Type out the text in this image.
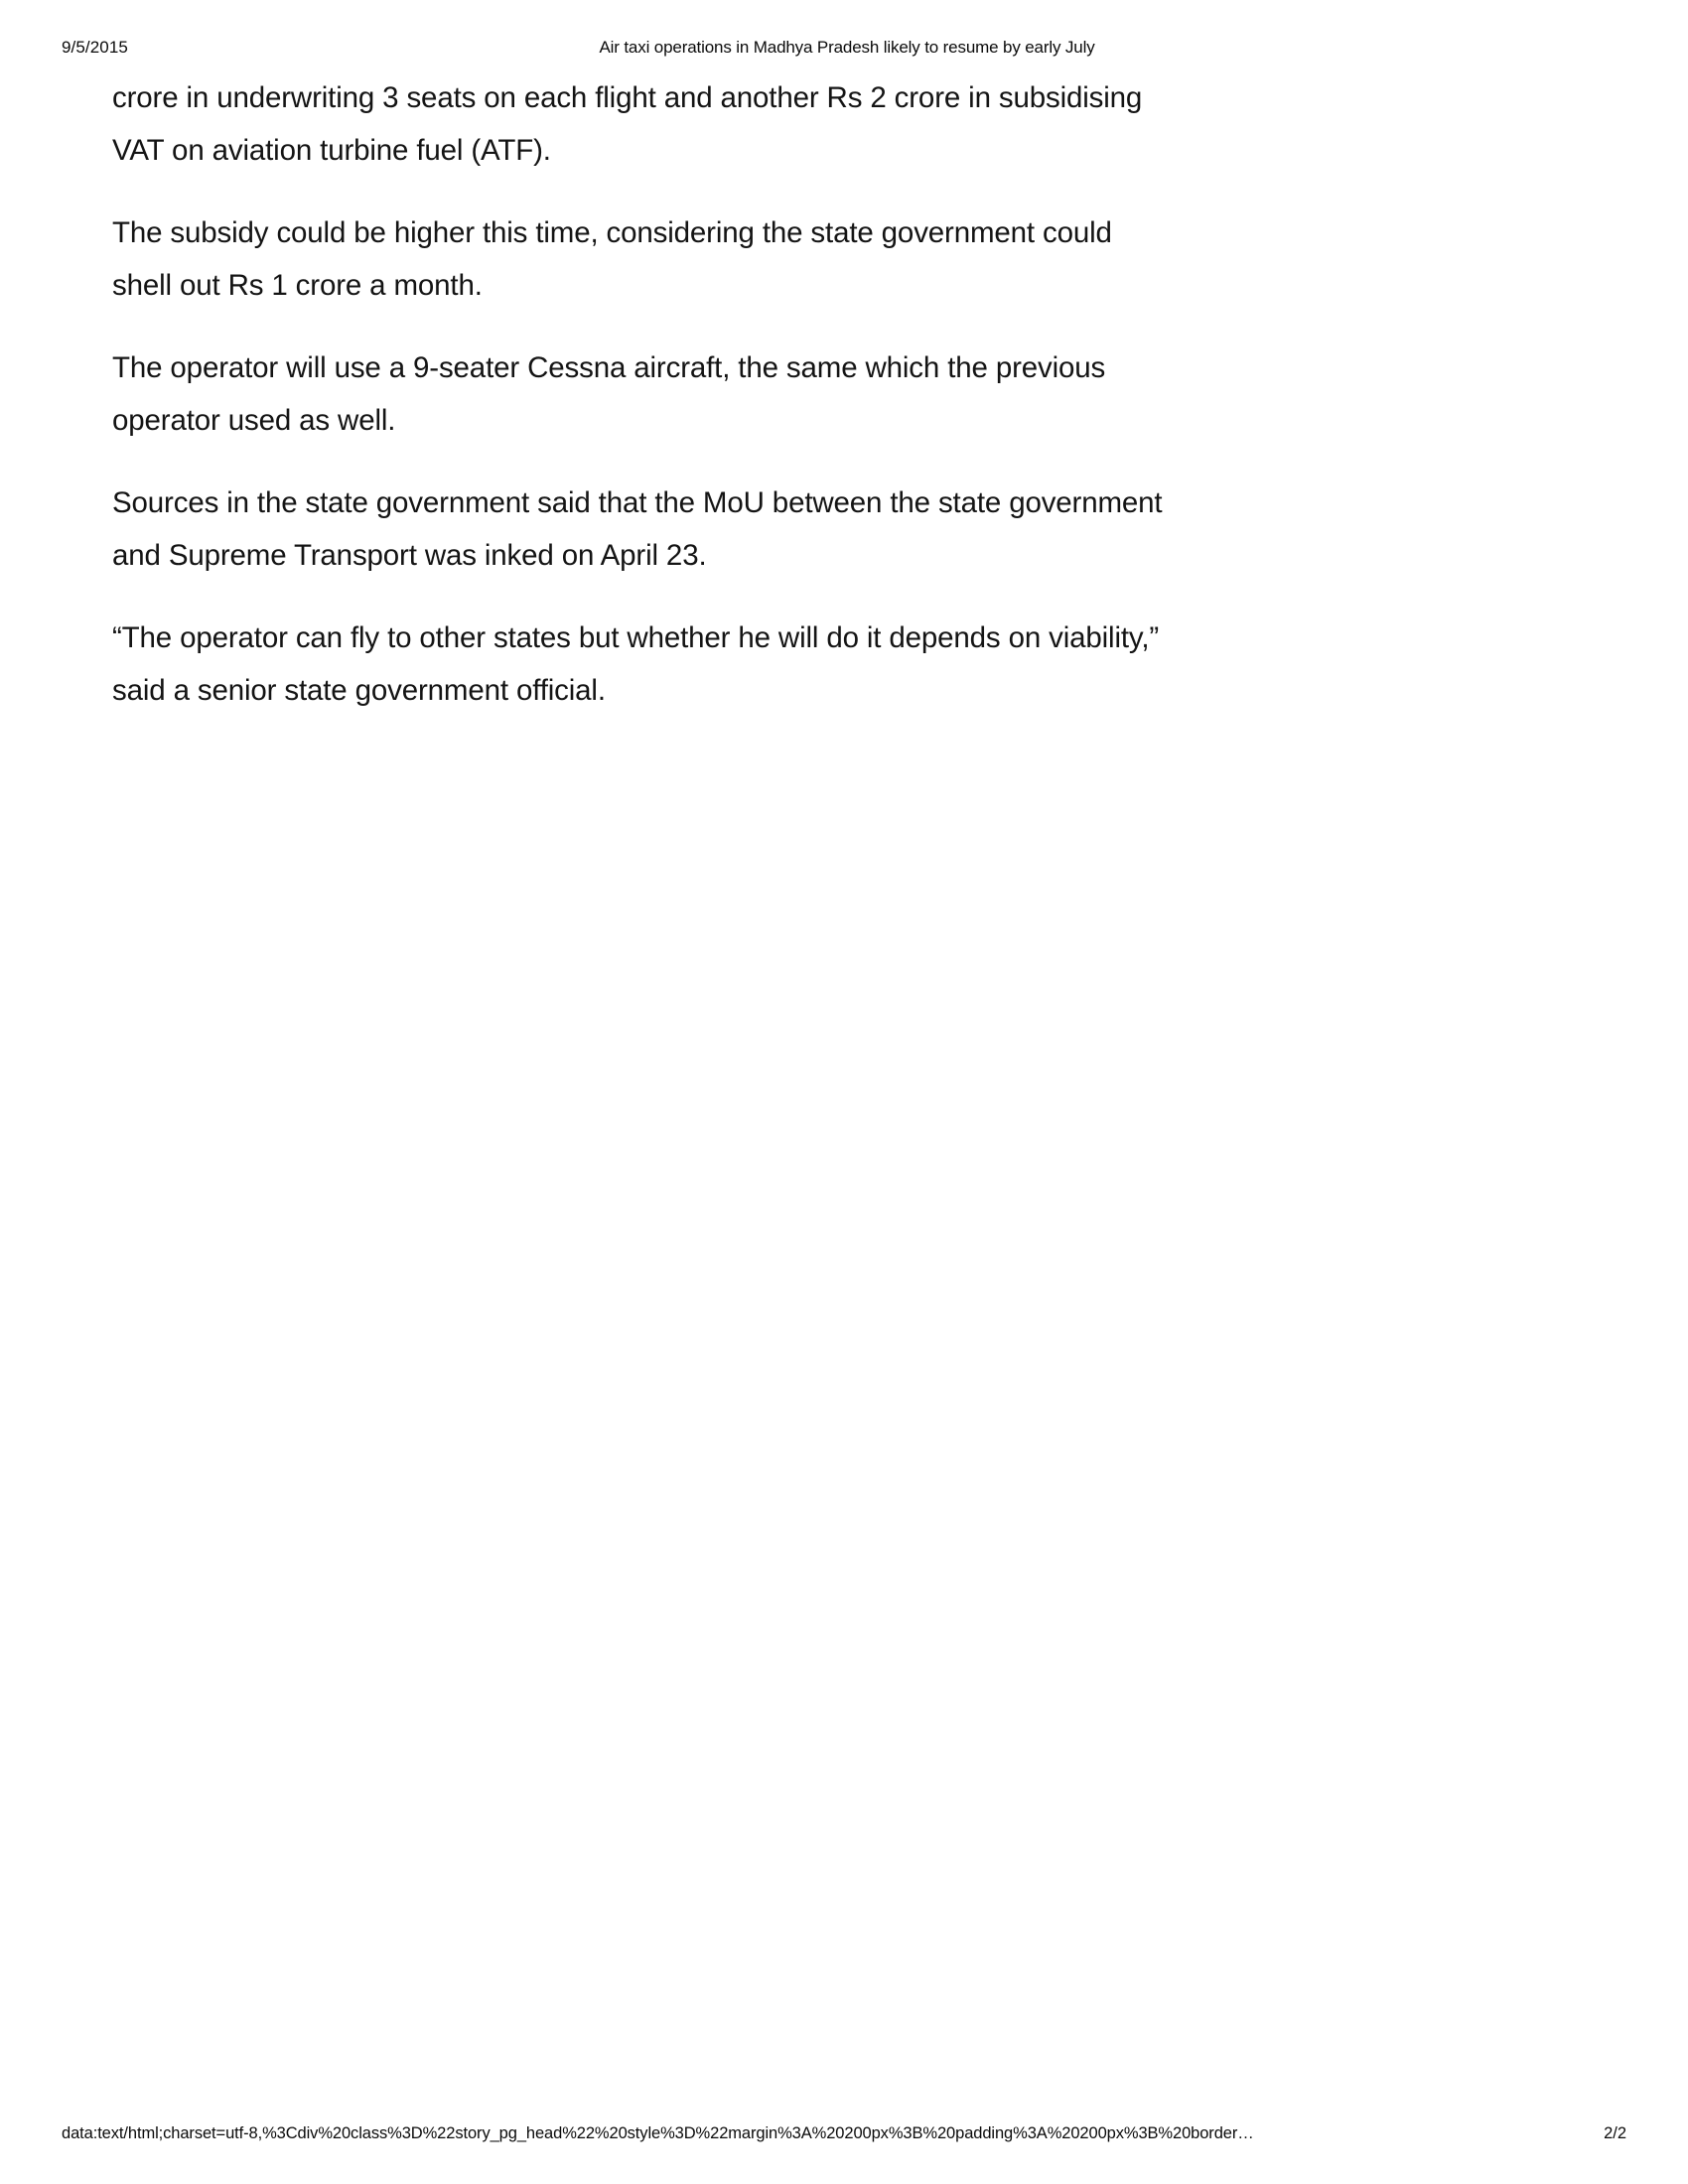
9/5/2015	Air taxi operations in Madhya Pradesh likely to resume by early July

crore in underwriting 3 seats on each flight and another Rs 2 crore in subsidising VAT on aviation turbine fuel (ATF).

The subsidy could be higher this time, considering the state government could shell out Rs 1 crore a month.

The operator will use a 9-seater Cessna aircraft, the same which the previous operator used as well.

Sources in the state government said that the MoU between the state government and Supreme Transport was inked on April 23.

“The operator can fly to other states but whether he will do it depends on viability,” said a senior state government official.

data:text/html;charset=utf-8,%3Cdiv%20class%3D%22story_pg_head%22%20style%3D%22margin%3A%20200px%3B%20padding%3A%20200px%3B%20border…	2/2
